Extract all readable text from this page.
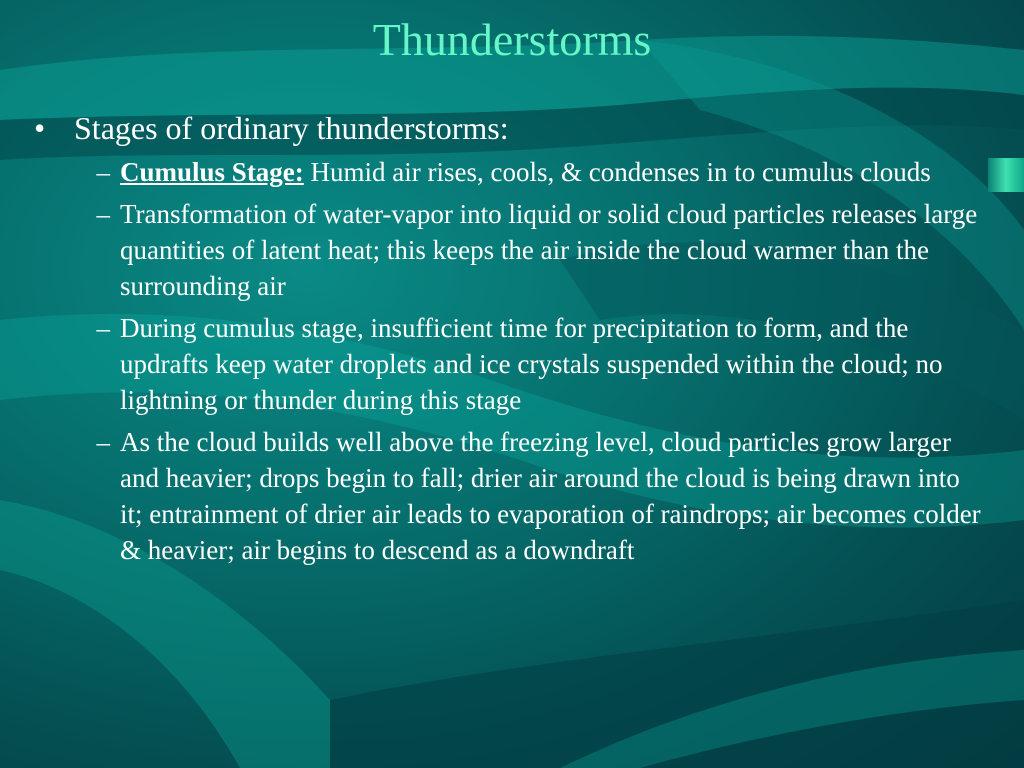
Thunderstorms
• Stages of ordinary thunderstorms:
– Cumulus Stage: Humid air rises, cools, & condenses in to cumulus clouds
– Transformation of water-vapor into liquid or solid cloud particles releases large quantities of latent heat; this keeps the air inside the cloud warmer than the surrounding air
– During cumulus stage, insufficient time for precipitation to form, and the updrafts keep water droplets and ice crystals suspended within the cloud; no lightning or thunder during this stage
– As the cloud builds well above the freezing level, cloud particles grow larger and heavier; drops begin to fall; drier air around the cloud is being drawn into it; entrainment of drier air leads to evaporation of raindrops; air becomes colder & heavier; air begins to descend as a downdraft
